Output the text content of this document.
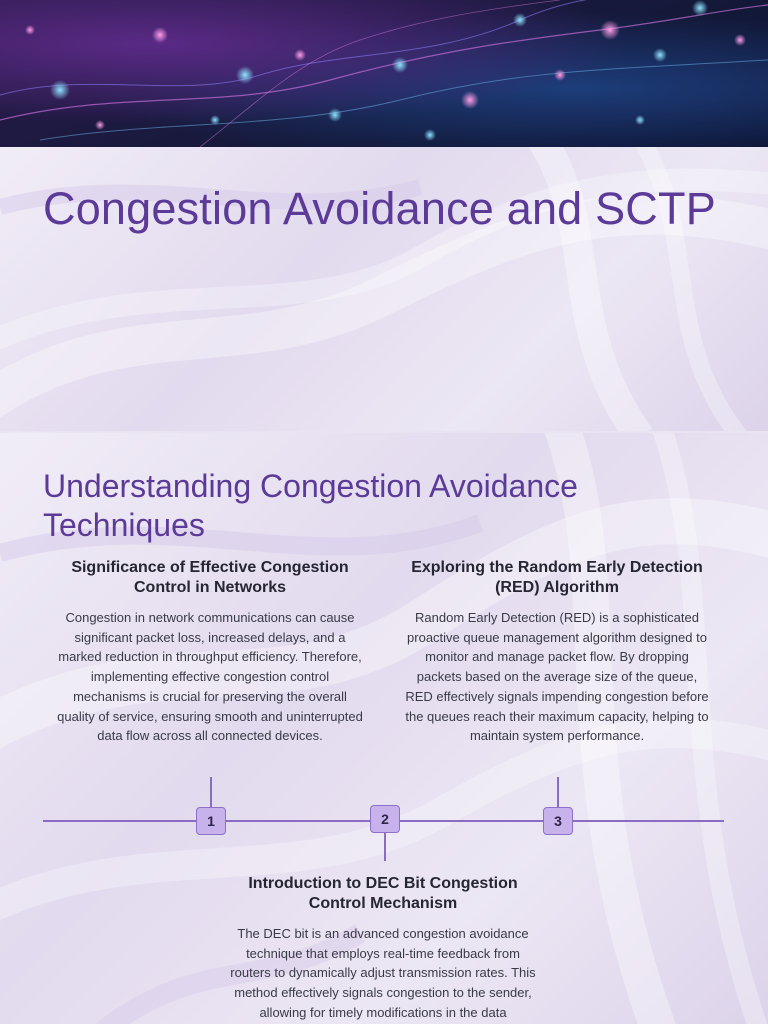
Congestion Avoidance and SCTP
Understanding Congestion Avoidance Techniques
Significance of Effective Congestion Control in Networks

Congestion in network communications can cause significant packet loss, increased delays, and a marked reduction in throughput efficiency. Therefore, implementing effective congestion control mechanisms is crucial for preserving the overall quality of service, ensuring smooth and uninterrupted data flow across all connected devices.

Exploring the Random Early Detection (RED) Algorithm

Random Early Detection (RED) is a sophisticated proactive queue management algorithm designed to monitor and manage packet flow. By dropping packets based on the average size of the queue, RED effectively signals impending congestion before the queues reach their maximum capacity, helping to maintain system performance.

1	2	3
Introduction to DEC Bit Congestion Control Mechanism

The DEC bit is an advanced congestion avoidance technique that employs real-time feedback from routers to dynamically adjust transmission rates. This method effectively signals congestion to the sender, allowing for timely modifications in the data
